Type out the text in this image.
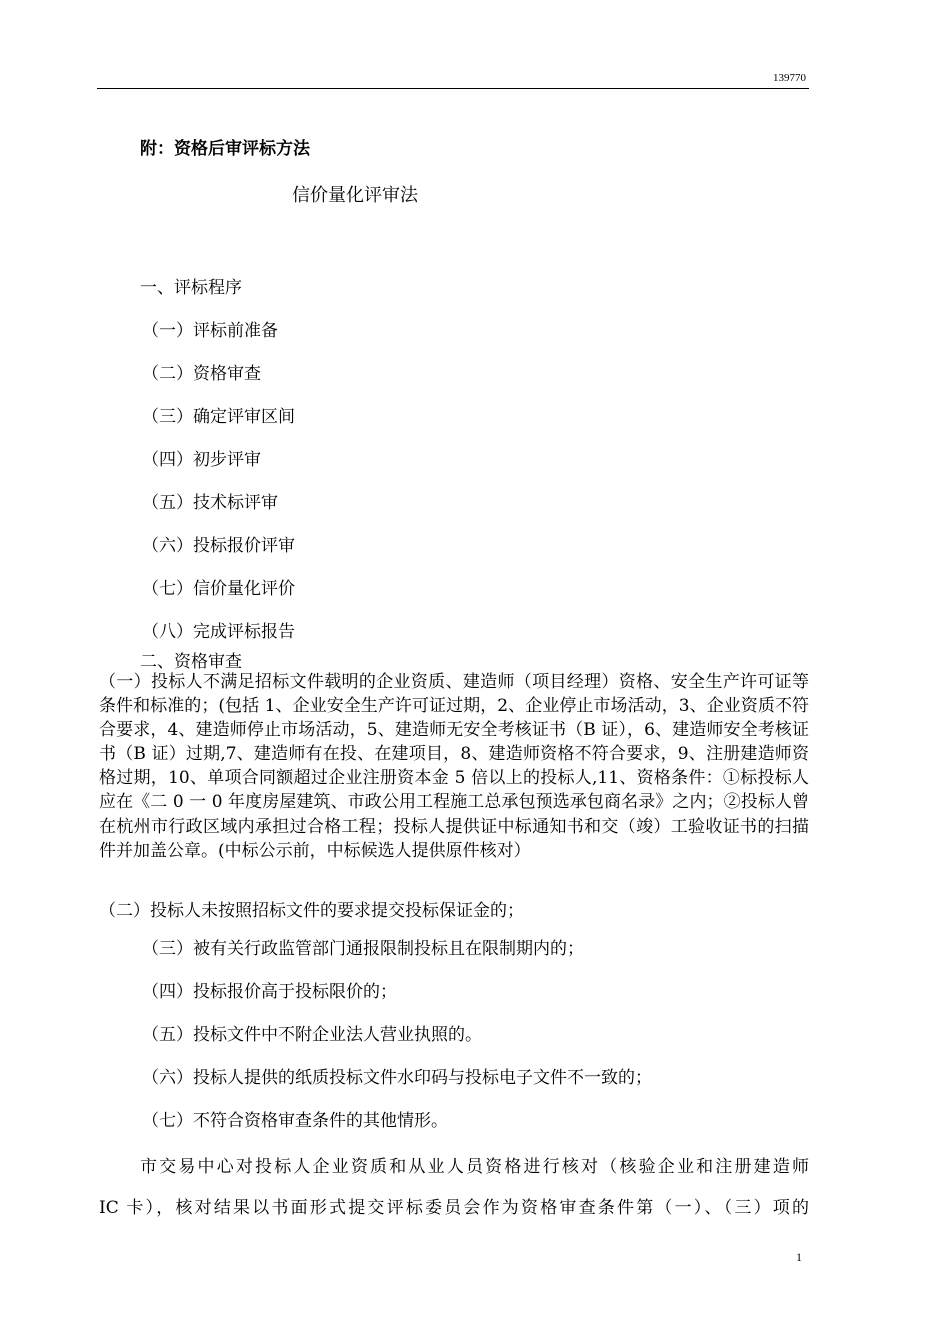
139770
附：资格后审评标方法
信价量化评审法
一、评标程序
（一）评标前准备
（二）资格审查
（三）确定评审区间
（四）初步评审
（五）技术标评审
（六）投标报价评审
（七）信价量化评价
（八）完成评标报告
二、资格审查
（一）投标人不满足招标文件载明的企业资质、建造师（项目经理）资格、安全生产许可证等条件和标准的；(包括 1、企业安全生产许可证过期，2、企业停止市场活动，3、企业资质不符合要求，4、建造师停止市场活动，5、建造师无安全考核证书（B 证），6、建造师安全考核证书（B 证）过期,7、建造师有在投、在建项目，8、建造师资格不符合要求，9、注册建造师资格过期，10、单项合同额超过企业注册资本金 5 倍以上的投标人,11、资格条件：①标投标人应在《二 0 一 0 年度房屋建筑、市政公用工程施工总承包预选承包商名录》之内；②投标人曾在杭州市行政区域内承担过合格工程；投标人提供证中标通知书和交（竣）工验收证书的扫描件并加盖公章。(中标公示前，中标候选人提供原件核对）
（二）投标人未按照招标文件的要求提交投标保证金的；
（三）被有关行政监管部门通报限制投标且在限制期内的；
（四）投标报价高于投标限价的；
（五）投标文件中不附企业法人营业执照的。
（六）投标人提供的纸质投标文件水印码与投标电子文件不一致的；
（七）不符合资格审查条件的其他情形。
市交易中心对投标人企业资质和从业人员资格进行核对（核验企业和注册建造师
IC 卡），核对结果以书面形式提交评标委员会作为资格审查条件第（一）、（三）项的
1
